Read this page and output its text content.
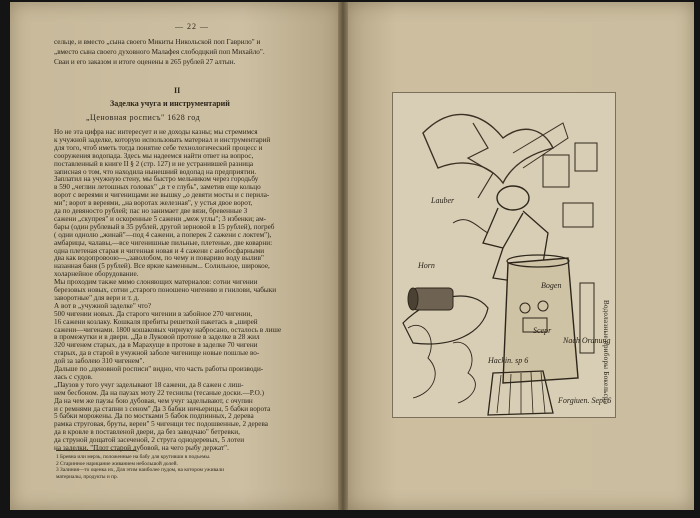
— 22 —
сельце, и вместо „сына своего Микиты Никольской поп Гаврило" и
„вместо сына своего духовного Малафея слободцкий поп Михайло".
Сваи и его заказом и итоге оценены в 265 рублей 27 алтын.
II
Заделка учуга и инструментарий
„Ценовная росписъ" 1628 год
Но не эта цифра нас интересует и не доходы казны; мы стремимся
к учужной заделке, которую использовать материал и инструментарий
для того, чтоб иметь тогда понятие себе технологический процесс и
сооружения водопада. Здесь мы надеемся найти ответ на вопрос,
поставленный в книге II § 2 (стр. 127) и не устранившей разница
записная о том, что находила нынешний водопад на предприятии.
Заплатил на учужную стену, мы быстро мельником через городьбу
в 590 „чеглин летошных головах" „в т е глубь", заметив еще кольцо
ворот с вереями и чигенищами же вышку „о девяти мосты и с перила-
ми"; ворот в вереями, „на воротах железная", у устья двое ворот,
да по девяносто рублей; пас но занимает две вязи, бревенные 3
сажени „скупрея" и оскоренные 5 сажени „меж углы"; 3 избенки; ам-
бары (один рублевый в 35 рублей, другой зерновой в 15 рублей), погреб
( одни однолю „жинай"—под 4 сажени, а поперек 2 сажени с локтем"),
амбарицы, чалавы,—все чигенишные пильные, плетеные, две коварни:
одна плетеная старая и чигенная новая и 4 сажени с анебосфарными
два как водопровоою—„заволобом, по чему и повариво воду вылив"
назанная баня (5 рублей). Все яркие каменным... Солильное, широкое,
холарнейное оборудование.
Мы проходим также мимо слоняющих материалов: сотни чигении
березовых новых, сотни „старого поношено чигению и гнилови, чабыки
заворотные" для вери и т. д.
А вот в „учужной заделке" что?
500 чигении новых. Да старого чигении в забойное 270 чигении,
16 сажени козлаку. Кошкаля пребиты решеткой пакетась в „ширей
сажени—чигенами. 1800 кошаковых чирнуку набросано, осталось в лише
в промежутки и в двери. „Да в Луковой протоне в заделке в 28 жил
320 чигенем старых, да в Марахуще в протоке в заделке 70 чигени
старых, да в старой в учужной заболе чигенище новые пошлые во-
дой за заболею 310 чигенем".
Дальше по „ценовной росписи" видно, что часть работы производи-
лась с судов.
„Паузов у того учуг заделывают 18 сажени, да 8 сажен с лиш-
нем бесбоном. Да на паузах моту 22 теснилы (тесаные доски.—Р.О.)
Да на чем же паузы бою дубовая, чем учуг заделывают, с очупин
и с ремнями да стапни з сеном" Да 3 бабки ничьерицы, 5 бабки ворота
5 бабки морожены. Да по мостками 5 бабок подпинных, 2 дерева
рамка струговая, бруты, вереи" 5 чигенщи тес подошвенные, 2 дерева
да в кровле в поставленой двери, да без заводчаю" бетревки,
да струной дощатой засеченой, 2 струга однодеревых, 5 лотеи
на заделки, "Плот старой дубовой, на чего рыбу держат".
1 Бревна или мерзь, положенные на бабу для крутивши в подъемы.
2 Старинное нарицание живанием небольшой долей.
3 Залиния—то оценка их, Для этим наиболее пудом, на котором уживали
материалы, продукты и пр.
Lauber
Bogen
Nach Ordnung
Scepr
Forgiuen. Sept 6
Hackin. sp 6
Horn
Водолазные приборы Бокельсра
